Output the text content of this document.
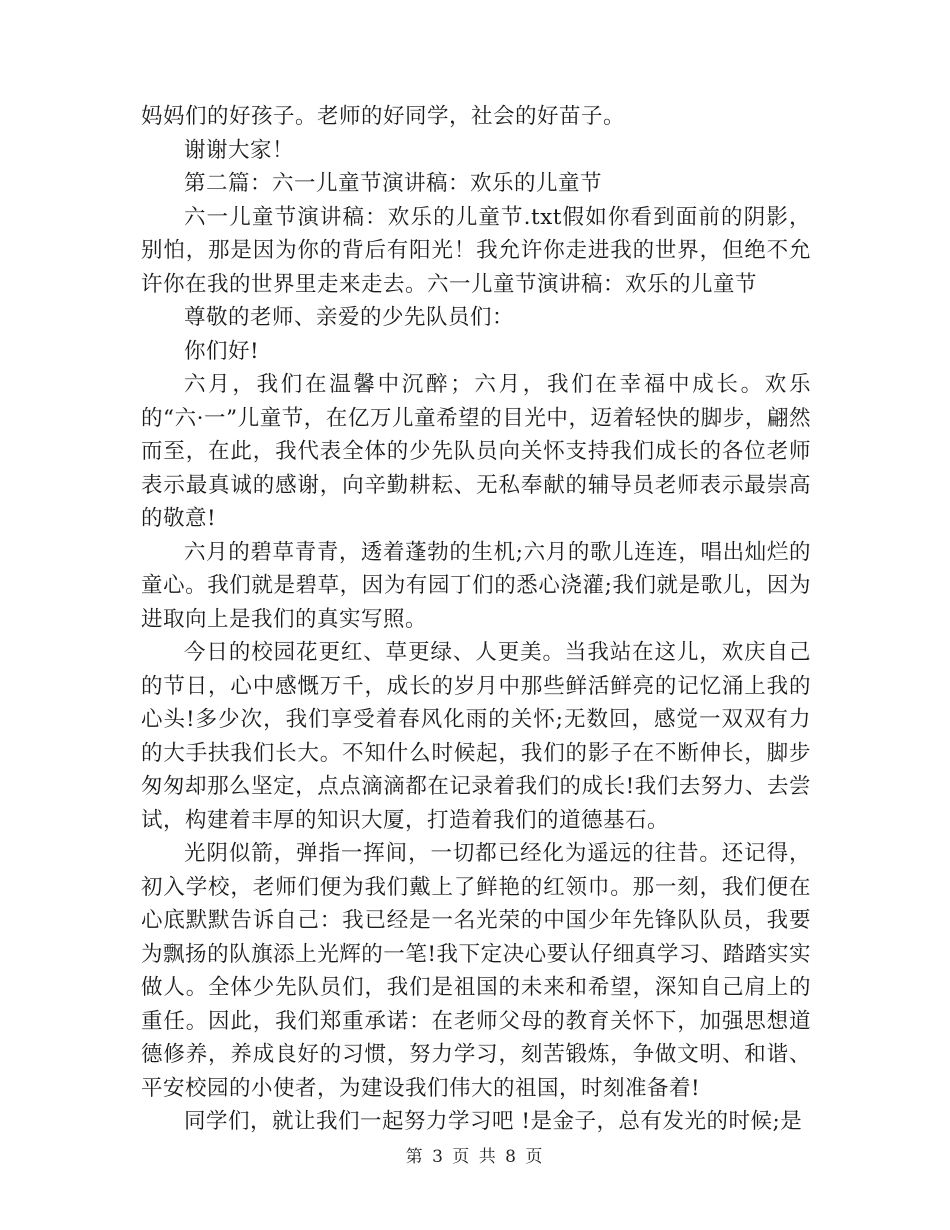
妈妈们的好孩子。老师的好同学，社会的好苗子。

谢谢大家！

第二篇：六一儿童节演讲稿：欢乐的儿童节

六一儿童节演讲稿：欢乐的儿童节.txt假如你看到面前的阴影，别怕，那是因为你的背后有阳光！我允许你走进我的世界，但绝不允许你在我的世界里走来走去。六一儿童节演讲稿：欢乐的儿童节

尊敬的老师、亲爱的少先队员们：

你们好!

六月，我们在温馨中沉醉；六月，我们在幸福中成长。欢乐的“六·一”儿童节，在亿万儿童希望的目光中，迈着轻快的脚步，翩然而至，在此，我代表全体的少先队员向关怀支持我们成长的各位老师表示最真诚的感谢，向辛勤耕耘、无私奉献的辅导员老师表示最崇高的敬意!

六月的碧草青青，透着蓬勃的生机;六月的歌儿连连，唱出灿烂的童心。我们就是碧草，因为有园丁们的悉心浇灌;我们就是歌儿，因为进取向上是我们的真实写照。

今日的校园花更红、草更绿、人更美。当我站在这儿，欢庆自己的节日，心中感慨万千，成长的岁月中那些鲜活鲜亮的记忆涌上我的心头!多少次，我们享受着春风化雨的关怀;无数回，感觉一双双有力的大手扶我们长大。不知什么时候起，我们的影子在不断伸长，脚步匆匆却那么坚定，点点滴滴都在记录着我们的成长!我们去努力、去尝试，构建着丰厚的知识大厦，打造着我们的道德基石。

光阴似箭，弹指一挥间，一切都已经化为遥远的往昔。还记得，初入学校，老师们便为我们戴上了鲜艳的红领巾。那一刻，我们便在心底默默告诉自己：我已经是一名光荣的中国少年先锋队队员，我要为飘扬的队旗添上光辉的一笔!我下定决心要认仔细真学习、踏踏实实做人。全体少先队员们，我们是祖国的未来和希望，深知自己肩上的重任。因此，我们郑重承诺：在老师父母的教育关怀下，加强思想道德修养，养成良好的习惯，努力学习，刻苦锻炼，争做文明、和谐、平安校园的小使者，为建设我们伟大的祖国，时刻准备着!

同学们，就让我们一起努力学习吧 !是金子，总有发光的时候;是

第 3 页 共 8 页
